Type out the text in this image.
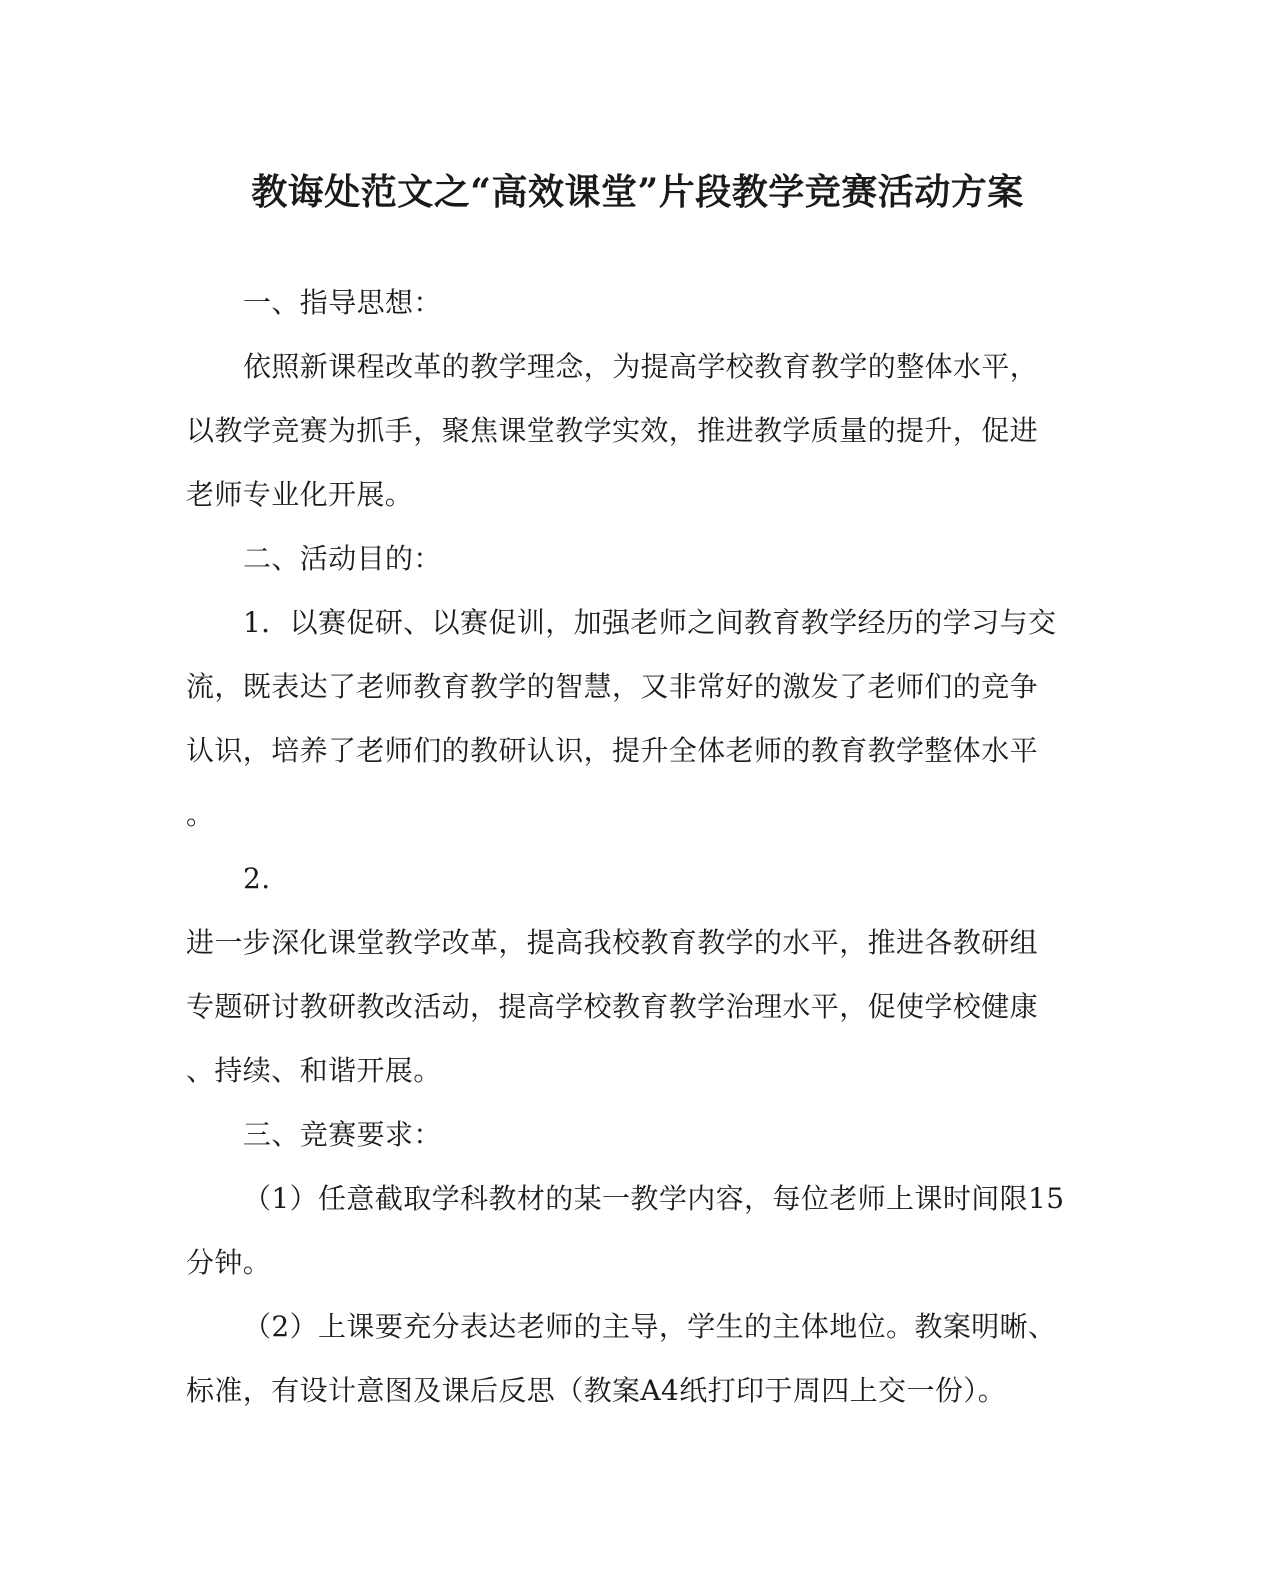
教诲处范文之“高效课堂”片段教学竞赛活动方案
一、指导思想：
依照新课程改革的教学理念，为提高学校教育教学的整体水平，
以教学竞赛为抓手，聚焦课堂教学实效，推进教学质量的提升，促进
老师专业化开展。
二、活动目的：
1．以赛促研、以赛促训，加强老师之间教育教学经历的学习与交
流，既表达了老师教育教学的智慧，又非常好的激发了老师们的竞争
认识，培养了老师们的教研认识，提升全体老师的教育教学整体水平
。
2.
进一步深化课堂教学改革，提高我校教育教学的水平，推进各教研组
专题研讨教研教改活动，提高学校教育教学治理水平，促使学校健康
、持续、和谐开展。
三、竞赛要求：
（1）任意截取学科教材的某一教学内容，每位老师上课时间限15
分钟。
（2）上课要充分表达老师的主导，学生的主体地位。教案明晰、
标准，有设计意图及课后反思（教案A4纸打印于周四上交一份）。
